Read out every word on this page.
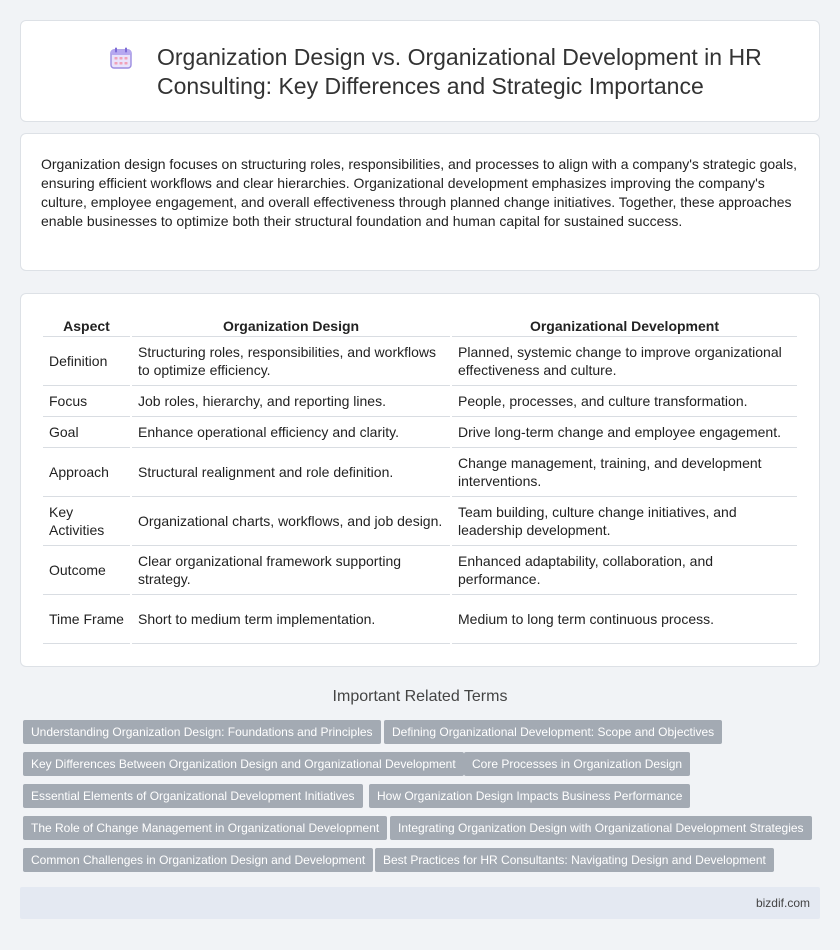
Organization Design vs. Organizational Development in HR Consulting: Key Differences and Strategic Importance

Organization design focuses on structuring roles, responsibilities, and processes to align with a company's strategic goals, ensuring efficient workflows and clear hierarchies. Organizational development emphasizes improving the company's culture, employee engagement, and overall effectiveness through planned change initiatives. Together, these approaches enable businesses to optimize both their structural foundation and human capital for sustained success.

Aspect	Organization Design	Organizational Development
Definition	Structuring roles, responsibilities, and workflows to optimize efficiency.	Planned, systemic change to improve organizational effectiveness and culture.
Focus	Job roles, hierarchy, and reporting lines.	People, processes, and culture transformation.
Goal	Enhance operational efficiency and clarity.	Drive long-term change and employee engagement.
Approach	Structural realignment and role definition.	Change management, training, and development interventions.
Key Activities	Organizational charts, workflows, and job design.	Team building, culture change initiatives, and leadership development.
Outcome	Clear organizational framework supporting strategy.	Enhanced adaptability, collaboration, and performance.
Time Frame	Short to medium term implementation.	Medium to long term continuous process.
Important Related Terms
Understanding Organization Design: Foundations and Principles	Defining Organizational Development: Scope and Objectives
Key Differences Between Organization Design and Organizational Development	Core Processes in Organization Design
Essential Elements of Organizational Development Initiatives	How Organization Design Impacts Business Performance
The Role of Change Management in Organizational Development	Integrating Organization Design with Organizational Development Strategies
Common Challenges in Organization Design and Development	Best Practices for HR Consultants: Navigating Design and Development
bizdif.com
